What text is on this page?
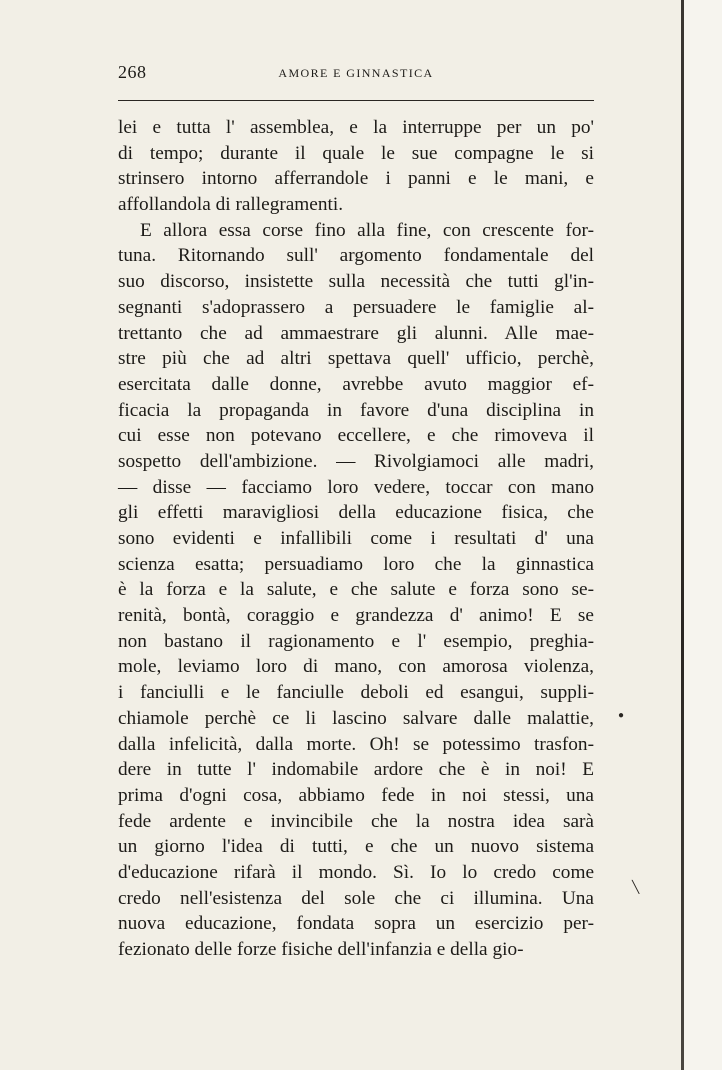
268	AMORE E GINNASTICA
lei e tutta l' assemblea, e la interruppe per un po'
di tempo; durante il quale le sue compagne le si
strinsero intorno afferrandole i panni e le mani, e
affollandola di rallegramenti.
E allora essa corse fino alla fine, con crescente for-
tuna. Ritornando sull' argomento fondamentale del
suo discorso, insistette sulla necessità che tutti gl'in-
segnanti s'adoprassero a persuadere le famiglie al-
trettanto che ad ammaestrare gli alunni. Alle mae-
stre più che ad altri spettava quell' ufficio, perchè,
esercitata dalle donne, avrebbe avuto maggior ef-
ficacia la propaganda in favore d'una disciplina in
cui esse non potevano eccellere, e che rimoveva il
sospetto dell'ambizione. — Rivolgiamoci alle madri,
— disse — facciamo loro vedere, toccar con mano
gli effetti maravigliosi della educazione fisica, che
sono evidenti e infallibili come i resultati d' una
scienza esatta; persuadiamo loro che la ginnastica
è la forza e la salute, e che salute e forza sono se-
renità, bontà, coraggio e grandezza d' animo! E se
non bastano il ragionamento e l' esempio, preghia-
mole, leviamo loro di mano, con amorosa violenza,
i fanciulli e le fanciulle deboli ed esangui, suppli-
chiamole perchè ce li lascino salvare dalle malattie,
dalla infelicità, dalla morte. Oh! se potessimo trasfon-
dere in tutte l' indomabile ardore che è in noi! E
prima d'ogni cosa, abbiamo fede in noi stessi, una
fede ardente e invincibile che la nostra idea sarà
un giorno l'idea di tutti, e che un nuovo sistema
d'educazione rifarà il mondo. Sì. Io lo credo come
credo nell'esistenza del sole che ci illumina. Una
nuova educazione, fondata sopra un esercizio per-
fezionato delle forze fisiche dell'infanzia e della gio-
●
╲
